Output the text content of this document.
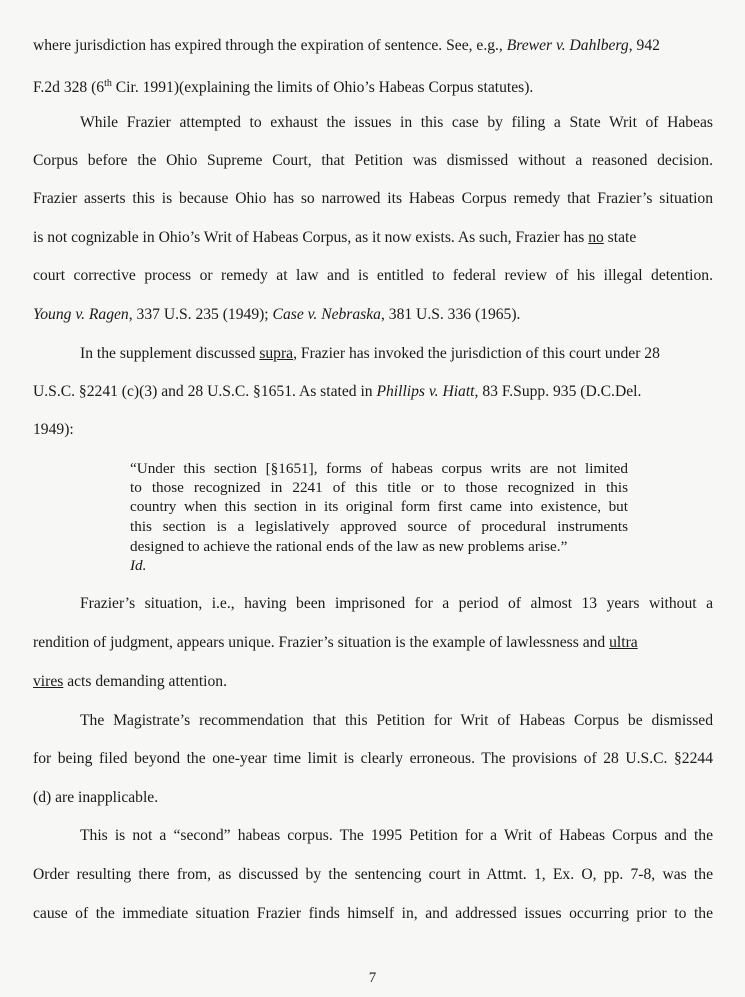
where jurisdiction has expired through the expiration of sentence. See, e.g., Brewer v. Dahlberg, 942
F.2d 328 (6th Cir. 1991)(explaining the limits of Ohio’s Habeas Corpus statutes).
While Frazier attempted to exhaust the issues in this case by filing a State Writ of Habeas
Corpus before the Ohio Supreme Court, that Petition was dismissed without a reasoned decision.
Frazier asserts this is because Ohio has so narrowed its Habeas Corpus remedy that Frazier’s situation
is not cognizable in Ohio’s Writ of Habeas Corpus, as it now exists. As such, Frazier has no state
court corrective process or remedy at law and is entitled to federal review of his illegal detention.
Young v. Ragen, 337 U.S. 235 (1949); Case v. Nebraska, 381 U.S. 336 (1965).
In the supplement discussed supra, Frazier has invoked the jurisdiction of this court under 28
U.S.C. §2241 (c)(3) and 28 U.S.C. §1651. As stated in Phillips v. Hiatt, 83 F.Supp. 935 (D.C.Del.
1949):
“Under this section [§1651], forms of habeas corpus writs are not limited
to those recognized in 2241 of this title or to those recognized in this
country when this section in its original form first came into existence, but
this section is a legislatively approved source of procedural instruments
designed to achieve the rational ends of the law as new problems arise.”
Id.
Frazier’s situation, i.e., having been imprisoned for a period of almost 13 years without a
rendition of judgment, appears unique. Frazier’s situation is the example of lawlessness and ultra
vires acts demanding attention.
The Magistrate’s recommendation that this Petition for Writ of Habeas Corpus be dismissed
for being filed beyond the one-year time limit is clearly erroneous. The provisions of 28 U.S.C. §2244
(d) are inapplicable.
This is not a “second” habeas corpus. The 1995 Petition for a Writ of Habeas Corpus and the
Order resulting there from, as discussed by the sentencing court in Attmt. 1, Ex. O, pp. 7-8, was the
cause of the immediate situation Frazier finds himself in, and addressed issues occurring prior to the
7
